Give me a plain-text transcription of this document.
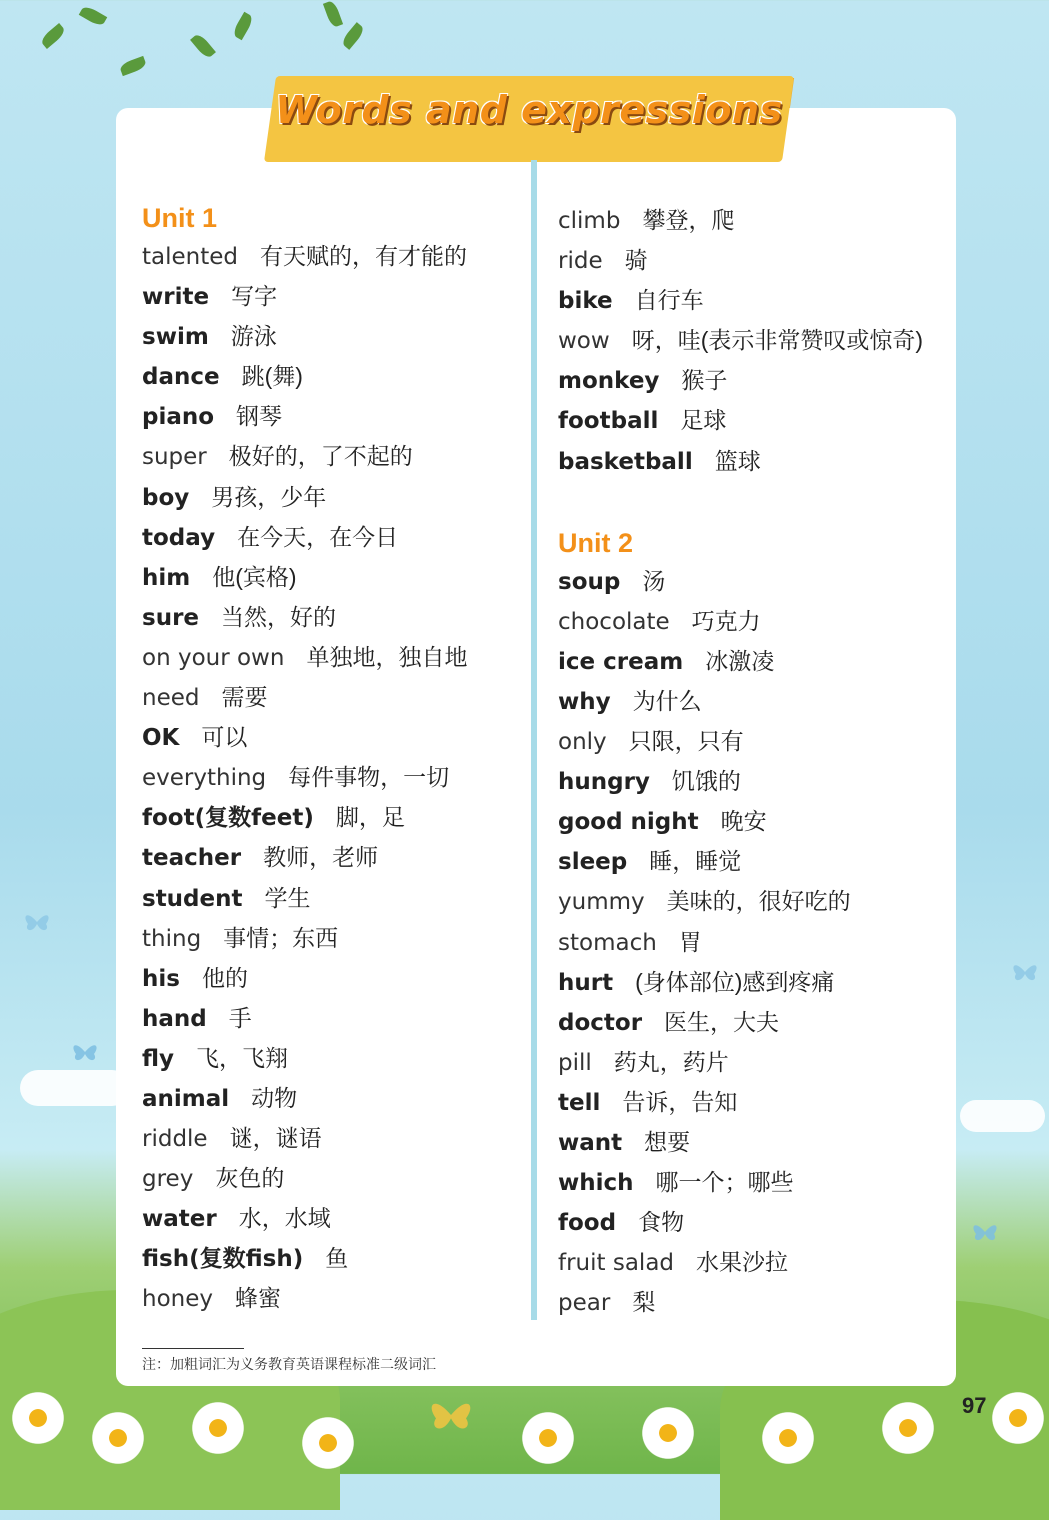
Words and expressions
Unit 1
talented 有天赋的，有才能的
write 写字
swim 游泳
dance 跳(舞)
piano 钢琴
super 极好的，了不起的
boy 男孩，少年
today 在今天，在今日
him 他(宾格)
sure 当然，好的
on your own 单独地，独自地
need 需要
OK 可以
everything 每件事物，一切
foot(复数feet) 脚，足
teacher 教师，老师
student 学生
thing 事情；东西
his 他的
hand 手
fly 飞，飞翔
animal 动物
riddle 谜，谜语
grey 灰色的
water 水，水域
fish(复数fish) 鱼
honey 蜂蜜
climb 攀登，爬
ride 骑
bike 自行车
wow 呀，哇(表示非常赞叹或惊奇)
monkey 猴子
football 足球
basketball 篮球
Unit 2
soup 汤
chocolate 巧克力
ice cream 冰激凌
why 为什么
only 只限，只有
hungry 饥饿的
good night 晚安
sleep 睡，睡觉
yummy 美味的，很好吃的
stomach 胃
hurt (身体部位)感到疼痛
doctor 医生，大夫
pill 药丸，药片
tell 告诉，告知
want 想要
which 哪一个；哪些
food 食物
fruit salad 水果沙拉
pear 梨
注：加粗词汇为义务教育英语课程标准二级词汇
97
